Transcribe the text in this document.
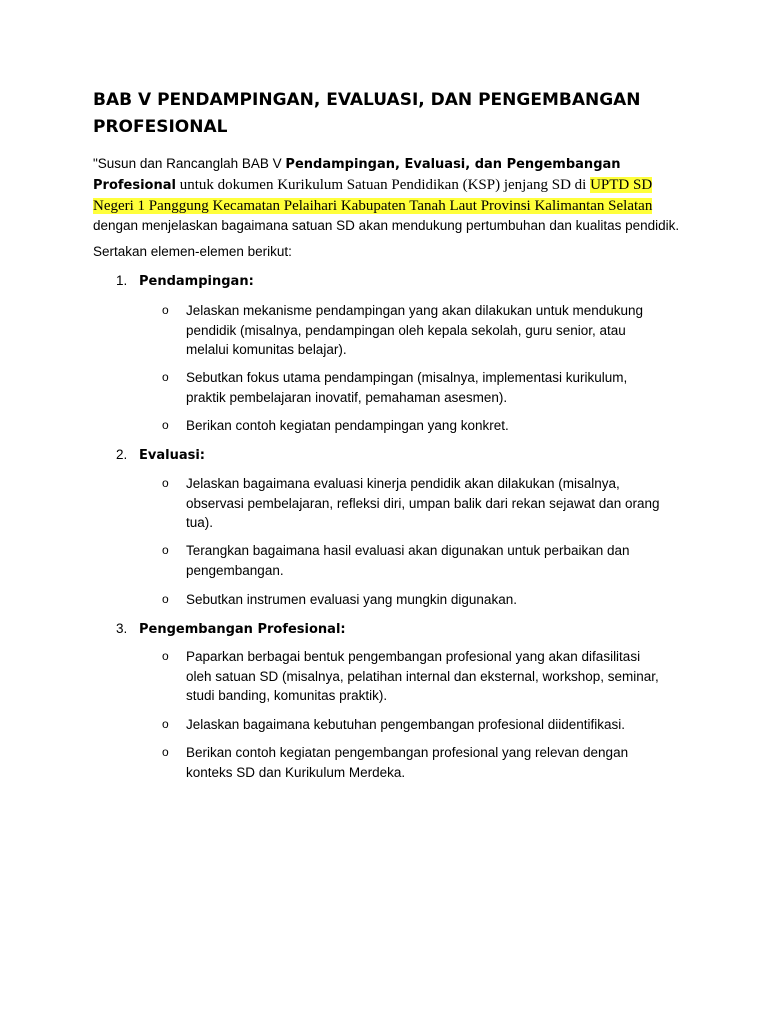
BAB V PENDAMPINGAN, EVALUASI, DAN PENGEMBANGAN PROFESIONAL

"Susun dan Rancanglah BAB V Pendampingan, Evaluasi, dan Pengembangan Profesional untuk dokumen Kurikulum Satuan Pendidikan (KSP) jenjang SD di UPTD SD Negeri 1 Panggung Kecamatan Pelaihari Kabupaten Tanah Laut Provinsi Kalimantan Selatan dengan menjelaskan bagaimana satuan SD akan mendukung pertumbuhan dan kualitas pendidik.

Sertakan elemen-elemen berikut:

1. Pendampingan:

o Jelaskan mekanisme pendampingan yang akan dilakukan untuk mendukung pendidik (misalnya, pendampingan oleh kepala sekolah, guru senior, atau melalui komunitas belajar).
o Sebutkan fokus utama pendampingan (misalnya, implementasi kurikulum, praktik pembelajaran inovatif, pemahaman asesmen).
o Berikan contoh kegiatan pendampingan yang konkret.

2. Evaluasi:

o Jelaskan bagaimana evaluasi kinerja pendidik akan dilakukan (misalnya, observasi pembelajaran, refleksi diri, umpan balik dari rekan sejawat dan orang tua).
o Terangkan bagaimana hasil evaluasi akan digunakan untuk perbaikan dan pengembangan.
o Sebutkan instrumen evaluasi yang mungkin digunakan.

3. Pengembangan Profesional:

o Paparkan berbagai bentuk pengembangan profesional yang akan difasilitasi oleh satuan SD (misalnya, pelatihan internal dan eksternal, workshop, seminar, studi banding, komunitas praktik).
o Jelaskan bagaimana kebutuhan pengembangan profesional diidentifikasi.
o Berikan contoh kegiatan pengembangan profesional yang relevan dengan konteks SD dan Kurikulum Merdeka.
